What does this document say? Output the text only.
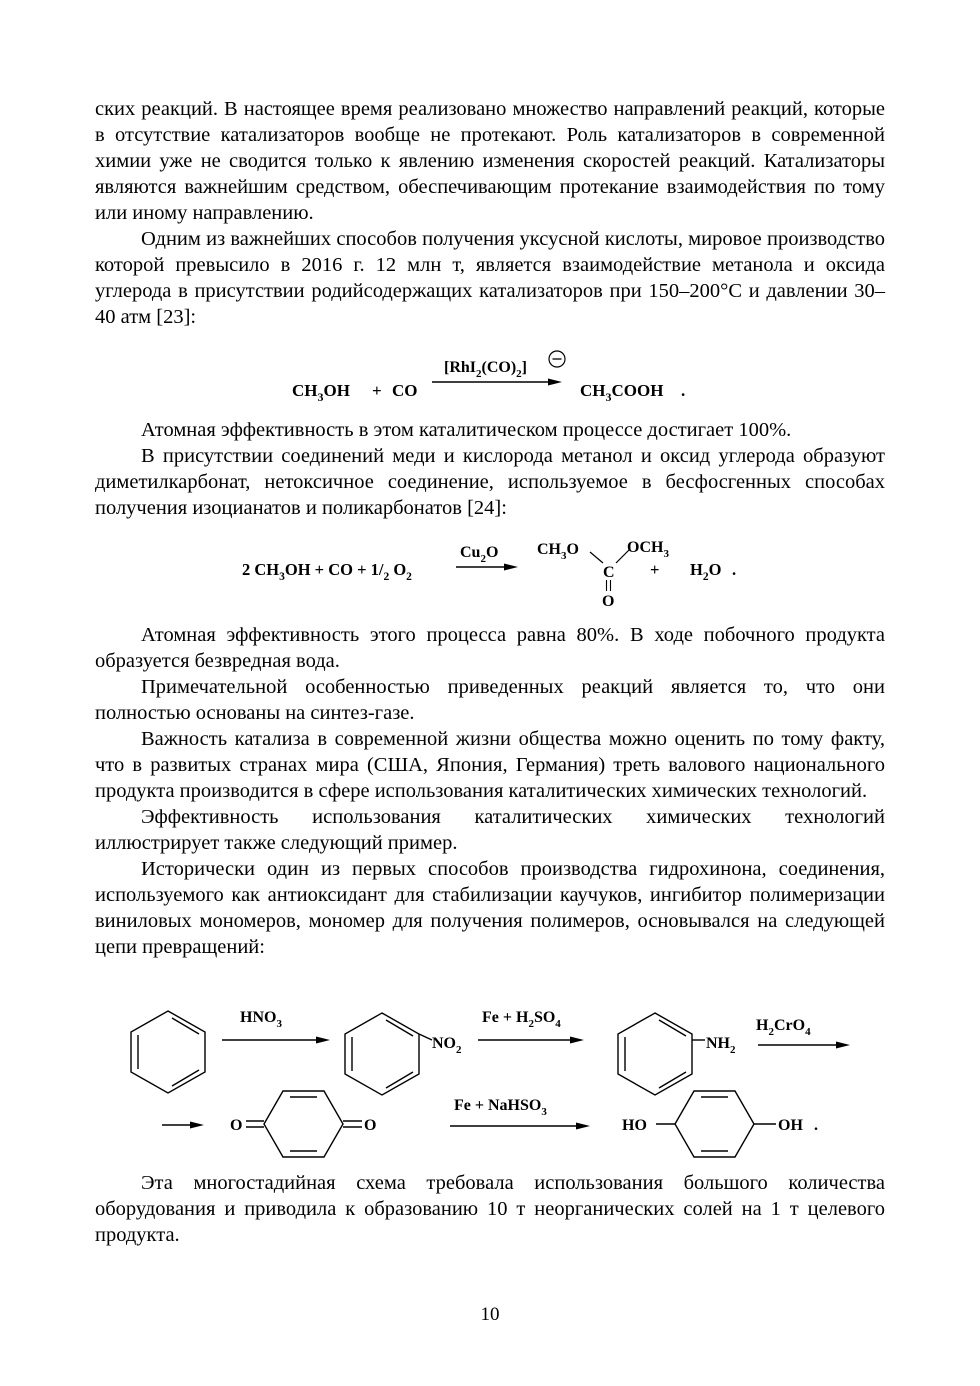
ских реакций. В настоящее время реализовано множество направлений реакций, которые в отсутствие катализаторов вообще не протекают. Роль катализаторов в современной химии уже не сводится только к явлению изменения скоростей реакций. Катализаторы являются важнейшим средством, обеспечивающим протекание взаимодействия по тому или иному направлению.

Одним из важнейших способов получения уксусной кислоты, мировое производство которой превысило в 2016 г. 12 млн т, является взаимодействие метанола и оксида углерода в присутствии родийсодержащих катализаторов при 150–200°С и давлении 30–40 атм [23]:

$CH_3OH$ + CO
$[RhI_2(CO)_2]$
$CH_3COOH$ .

Атомная эффективность в этом каталитическом процессе достигает 100%.

В присутствии соединений меди и кислорода метанол и оксид углерода образуют диметилкарбонат, нетоксичное соединение, используемое в бесфосгенных способах получения изоцианатов и поликарбонатов [24]:

2 $CH_3OH$ + CO + $1/_2$ $O_2$
$Cu_2O$ $CH_3O$	$OCH_3$
C
O
+ $H_2O$ .

Атомная эффективность этого процесса равна 80%. В ходе побочного продукта образуется безвредная вода.

Примечательной особенностью приведенных реакций является то, что они полностью основаны на синтез-газе.

Важность катализа в современной жизни общества можно оценить по тому факту, что в развитых странах мира (США, Япония, Германия) треть валового национального продукта производится в сфере использования каталитических химических технологий.

Эффективность использования каталитических химических технологий иллюстрирует также следующий пример.

Исторически один из первых способов производства гидрохинона, соединения, используемого как антиоксидант для стабилизации каучуков, ингибитор полимеризации виниловых мономеров, мономер для получения полимеров, основывался на следующей цепи превращений:

$HNO_3$
$NO_2$
$Fe + H_2SO_4$
$NH_2$
$H_2CrO_4$
O	O
Fe + NaHSO$_3$
HO	OH .

Эта многостадийная схема требовала использования большого количества оборудования и приводила к образованию 10 т неорганических солей на 1 т целевого продукта.

10
